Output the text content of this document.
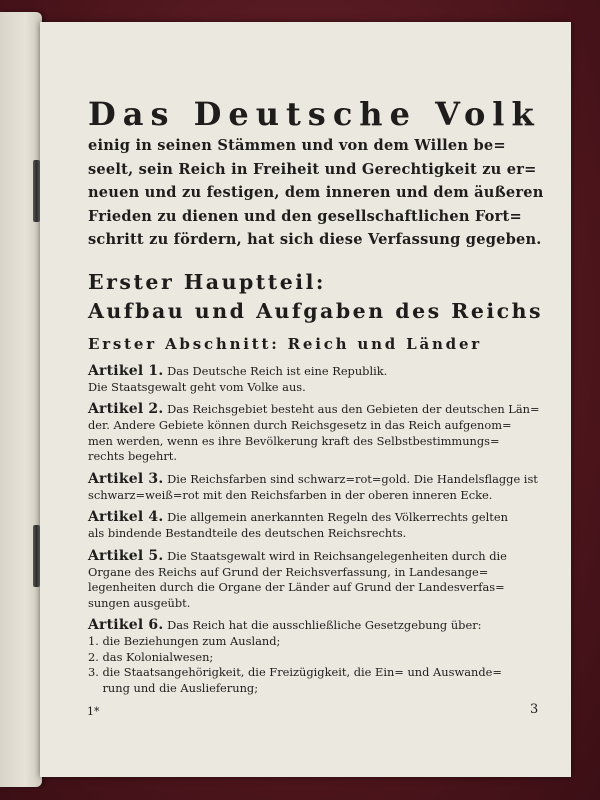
Das Deutsche Volk

einig in seinen Stämmen und von dem Willen be=
seelt, sein Reich in Freiheit und Gerechtigkeit zu er=
neuen und zu festigen, dem inneren und dem äußeren
Frieden zu dienen und den gesellschaftlichen Fort=
schritt zu fördern, hat sich diese Verfassung gegeben.

Erster Hauptteil:
Aufbau und Aufgaben des Reichs
Erster Abschnitt: Reich und Länder
Artikel 1. Das Deutsche Reich ist eine Republik.
Die Staatsgewalt geht vom Volke aus.
Artikel 2. Das Reichsgebiet besteht aus den Gebieten der deutschen Län=
der. Andere Gebiete können durch Reichsgesetz in das Reich aufgenom=
men werden, wenn es ihre Bevölkerung kraft des Selbstbestimmungs=
rechts begehrt.
Artikel 3. Die Reichsfarben sind schwarz=rot=gold. Die Handelsflagge ist
schwarz=weiß=rot mit den Reichsfarben in der oberen inneren Ecke.
Artikel 4. Die allgemein anerkannten Regeln des Völkerrechts gelten
als bindende Bestandteile des deutschen Reichsrechts.
Artikel 5. Die Staatsgewalt wird in Reichsangelegenheiten durch die
Organe des Reichs auf Grund der Reichsverfassung, in Landesange=
legenheiten durch die Organe der Länder auf Grund der Landesverfas=
sungen ausgeübt.
Artikel 6. Das Reich hat die ausschließliche Gesetzgebung über:
1. die Beziehungen zum Ausland;
2. das Kolonialwesen;
3. die Staatsangehörigkeit, die Freizügigkeit, die Ein= und Auswande=
rung und die Auslieferung;
1*	3
